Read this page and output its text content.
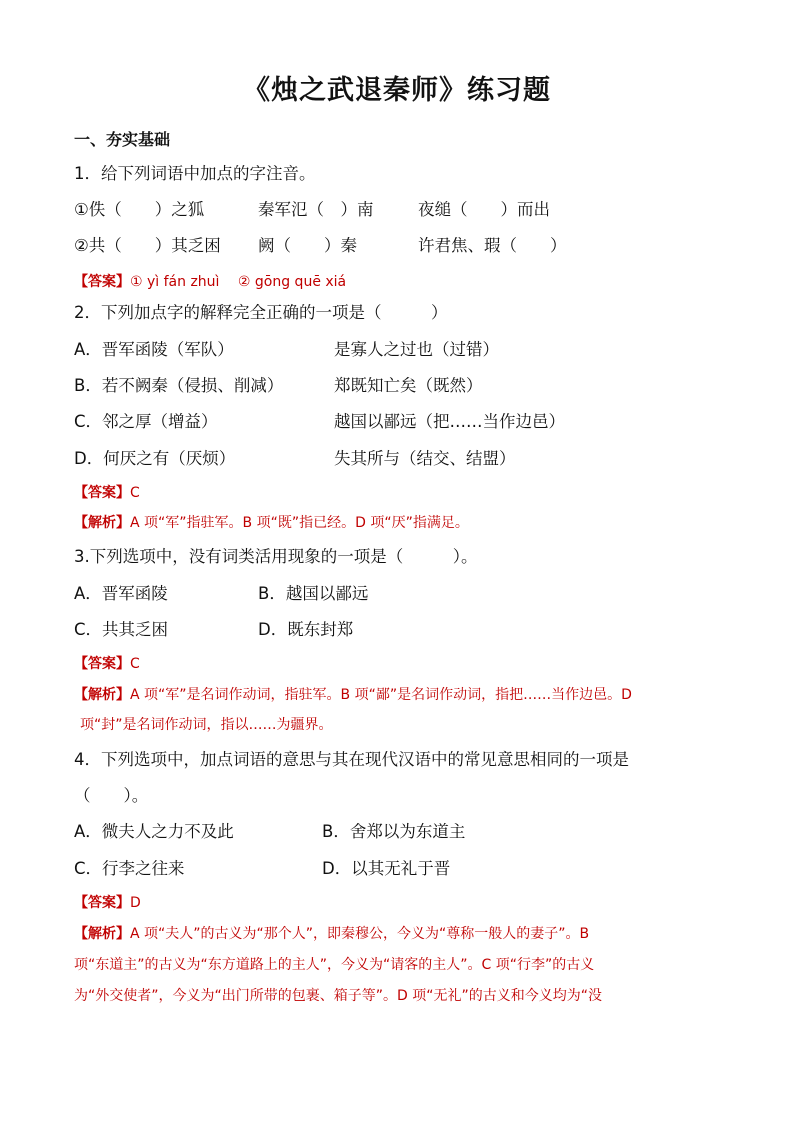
《烛之武退秦师》练习题
一、夯实基础
1．给下列词语中加点的字注音。
①佚（　　）之狐	秦军氾（　）南	夜缒（　　）而出
②共（　　）其乏困 阙（　　）秦	许君焦、瑕（　　）
【答案】① yì fán zhuì　 ② gōng quē xiá
2．下列加点字的解释完全正确的一项是（　　　）
A．晋军函陵（军队）	是寡人之过也（过错）
B．若不阙秦（侵损、削减）	郑既知亡矣（既然）
C．邻之厚（增益）	越国以鄙远（把……当作边邑）
D．何厌之有（厌烦）	失其所与（结交、结盟）
【答案】C
【解析】A 项“军”指驻军。B 项“既”指已经。D 项“厌”指满足。
3.下列选项中，没有词类活用现象的一项是（　　　）。
A．晋军函陵	B．越国以鄙远
C．共其乏困	D．既东封郑
【答案】C
【解析】A 项“军”是名词作动词，指驻军。B 项“鄙”是名词作动词，指把……当作边邑。D
项“封”是名词作动词，指以……为疆界。
4．下列选项中，加点词语的意思与其在现代汉语中的常见意思相同的一项是
（　　）。
A．微夫人之力不及此	B．舍郑以为东道主
C．行李之往来	D．以其无礼于晋
【答案】D
【解析】A 项“夫人”的古义为“那个人”，即秦穆公，今义为“尊称一般人的妻子”。B
项“东道主”的古义为“东方道路上的主人”，今义为“请客的主人”。C 项“行李”的古义
为“外交使者”，今义为“出门所带的包裹、箱子等”。D 项“无礼”的古义和今义均为“没
